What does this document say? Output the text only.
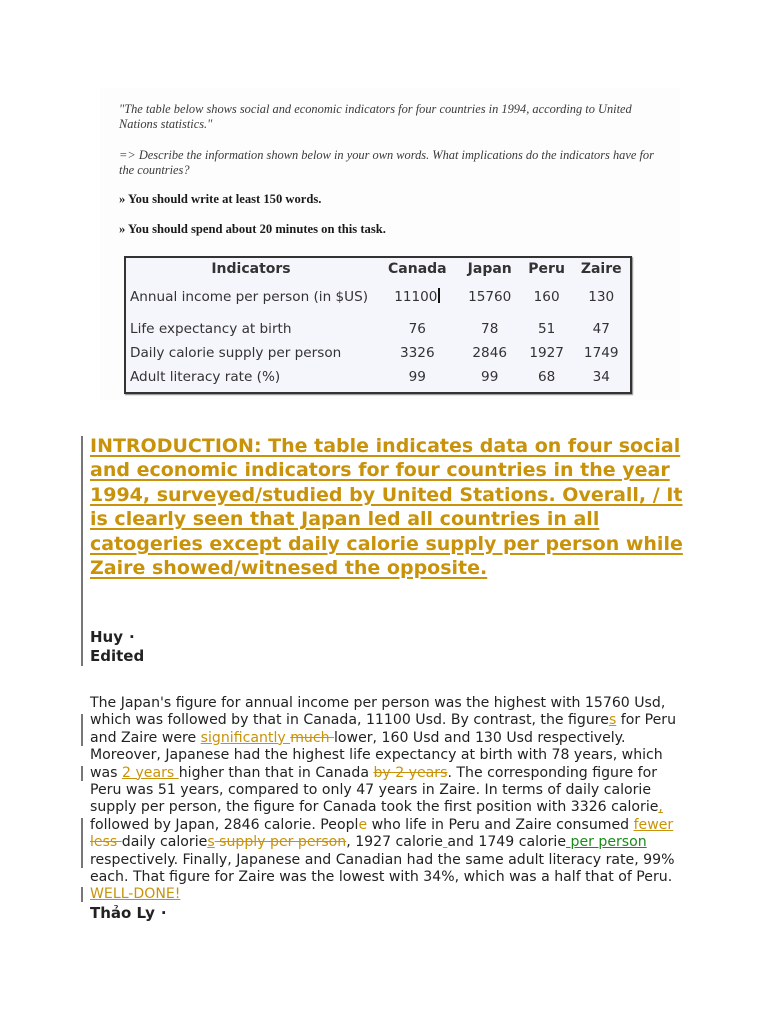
"The table below shows social and economic indicators for four countries in 1994, according to United Nations statistics."

=> Describe the information shown below in your own words. What implications do the indicators have for the countries?

» You should write at least 150 words.

» You should spend about 20 minutes on this task.

Indicators	Canada	Japan	Peru	Zaire
Annual income per person (in $US)	11100	15760	160	130
Life expectancy at birth	76	78	51	47
Daily calorie supply per person	3326	2846	1927	1749
Adult literacy rate (%)	99	99	68	34
INTRODUCTION: The table indicates data on four social and economic indicators for four countries in the year 1994, surveyed/studied by United Stations. Overall, / It is clearly seen that Japan led all countries in all catogeries except daily calorie supply per person while Zaire showed/witnesed the opposite.
Huy ·
Edited
The Japan's figure for annual income per person was the highest with 15760 Usd, which was followed by that in Canada, 11100 Usd. By contrast, the figures for Peru and Zaire were significantly much lower, 160 Usd and 130 Usd respectively. Moreover, Japanese had the highest life expectancy at birth with 78 years, which was 2 years higher than that in Canada by 2 years. The corresponding figure for Peru was 51 years, compared to only 47 years in Zaire. In terms of daily calorie supply per person, the figure for Canada took the first position with 3326 calorie, followed by Japan, 2846 calorie. People who life in Peru and Zaire consumed fewer less daily calories supply per person, 1927 calorie and 1749 calorie per person respectively. Finally, Japanese and Canadian had the same adult literacy rate, 99% each. That figure for Zaire was the lowest with 34%, which was a half that of Peru. WELL-DONE!
Thảo Ly ·
